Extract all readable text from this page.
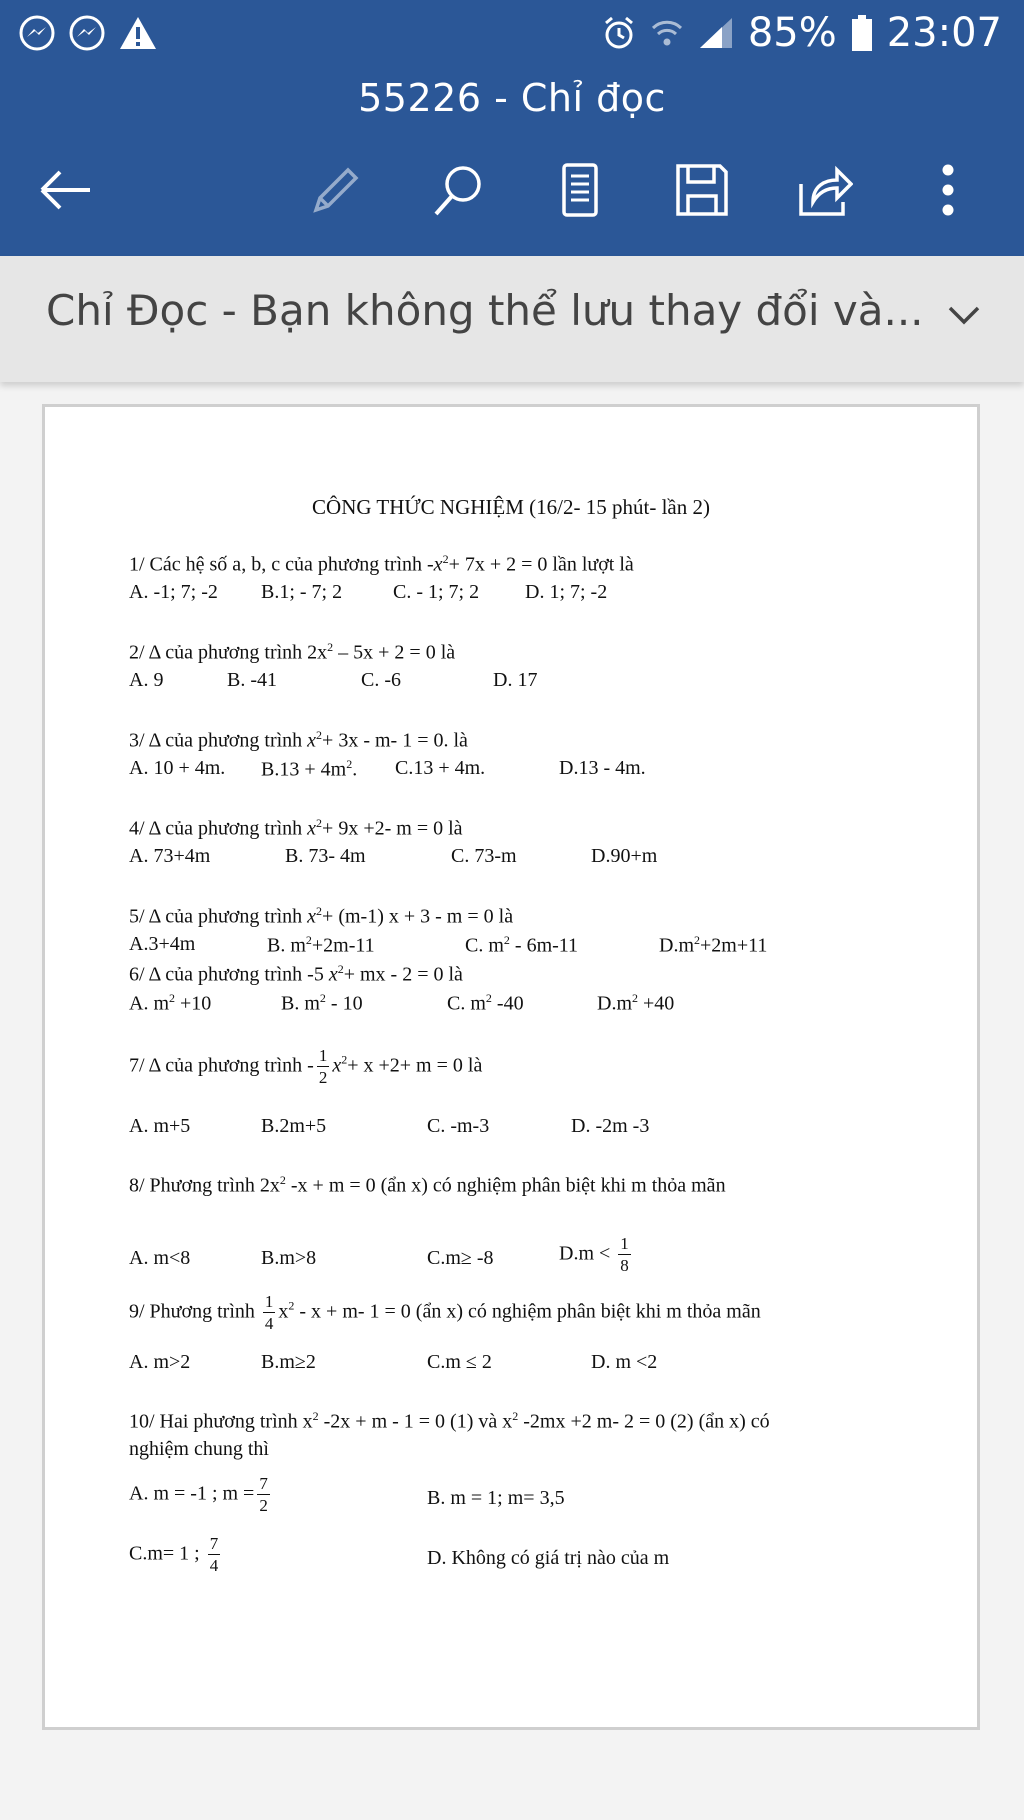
85% 23:07
55226 - Chỉ đọc
Chỉ Đọc - Bạn không thể lưu thay đổi và...
CÔNG THỨC NGHIỆM (16/2- 15 phút- lần 2)
1/ Các hệ số a, b, c của phương trình $-x^2+ 7x + 2 = 0$ lần lượt là
A. -1; 7; -2 B.1; - 7; 2	C. - 1; 7; 2 D. 1; 7; -2
2/ Δ của phương trình $2x^2 - 5x + 2 = 0$ là
A. 9	B. -41	C. -6	D. 17
3/ Δ của phương trình $x^2+ 3x - m-$ 1 = 0. là
A. 10 + 4m. $B.13 + 4m^2$. C.13 + 4m.	D.13 - 4m.
4/ Δ của phương trình $x^2+ 9x +2-$ m = 0 là
A. 73+4m	B. 73- 4m	C. 73-m	D.90+m
5/ Δ của phương trình $x^2+ (m-1) x + 3 - m = 0$ là
A.3+4m	B. $m^2+2m-11$	C. $m^2 - 6m-11$	$D.m^2+2m+11$
6/ Δ của phương trình -5 $x^2+$ mx - 2 = 0 là
A. $m^2 +10$	B. $m^2 - 10$	C. $m^2$ -40	$D.m^2 +40$
7/ Δ của phương trình - $\frac{1}{2} x^2+ x +2+ m = 0$ là
A. m+5	B.2m+5	C. -m-3	D. -2m -3
8/ Phương trình $2x^2$ -x + m = 0 (ẩn x) có nghiệm phân biệt khi m thỏa mãn
A. m<8	B.m>8	C.m≥ -8	$D.m < \frac{1}{8}$
9/ Phương trình $\frac{1}{4} x^2 - x + m-$ 1 = 0 (ẩn x) có nghiệm phân biệt khi m thỏa mãn
A. m>2	B.m≥2	C.m ≤ 2	D. m <2
10/ Hai phương trình $x^2$ -2x + m - 1 = 0 (1) và $x^2$ -2mx +2 m- 2 = 0 (2) (ẩn x) có
nghiệm chung thì
A. m = -1 ; $m = \frac{7}{2}$	B. m = 1; m= 3,5
C.m= 1 ; $\frac{7}{4}$	D. Không có giá trị nào của m
